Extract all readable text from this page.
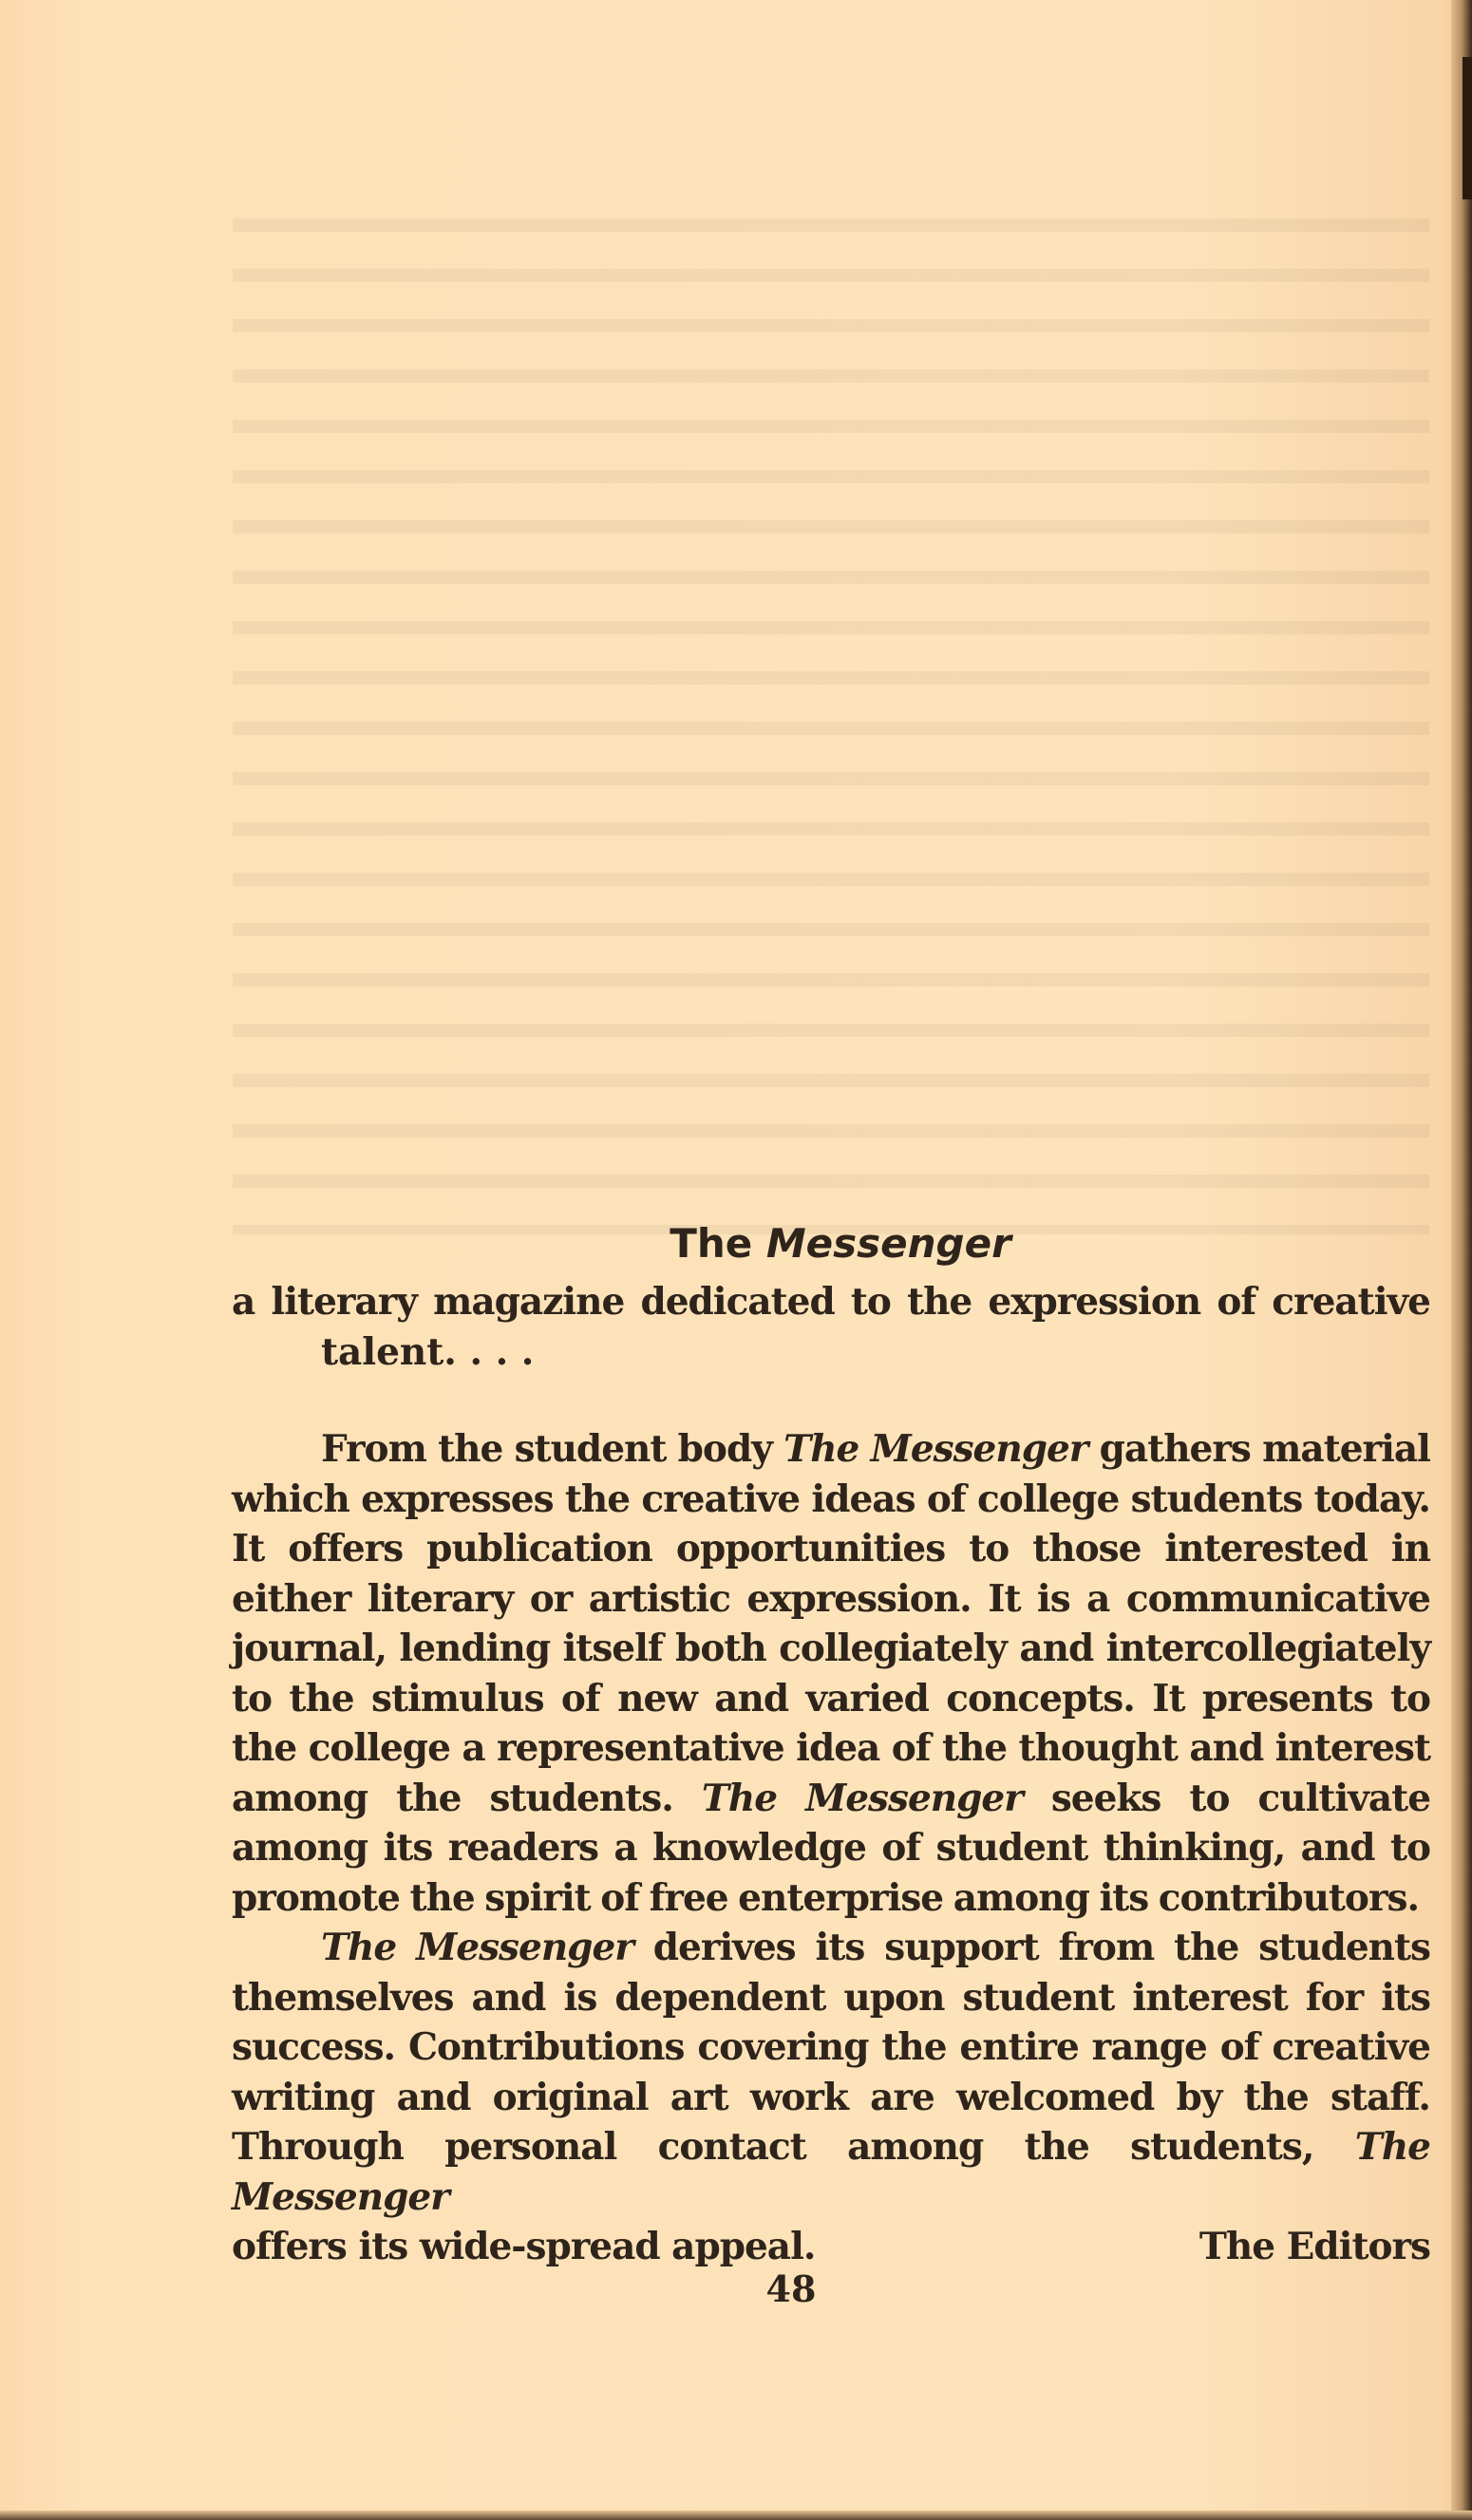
The Messenger
a literary magazine dedicated to the expression of creative
talent. . . .

From the student body The Messenger gathers material which expresses the creative ideas of college students today. It offers publication opportunities to those interested in either literary or artistic expression. It is a communicative journal, lending itself both collegiately and intercollegiately to the stimulus of new and varied concepts. It presents to the college a representative idea of the thought and interest among the students. The Messenger seeks to cultivate among its readers a knowledge of student thinking, and to promote the spirit of free enterprise among its contributors.

The Messenger derives its support from the students themselves and is dependent upon student interest for its success. Contributions covering the entire range of creative writing and original art work are welcomed by the staff. Through personal contact among the students, The Messenger

offers its wide-spread appeal.	The Editors
48
